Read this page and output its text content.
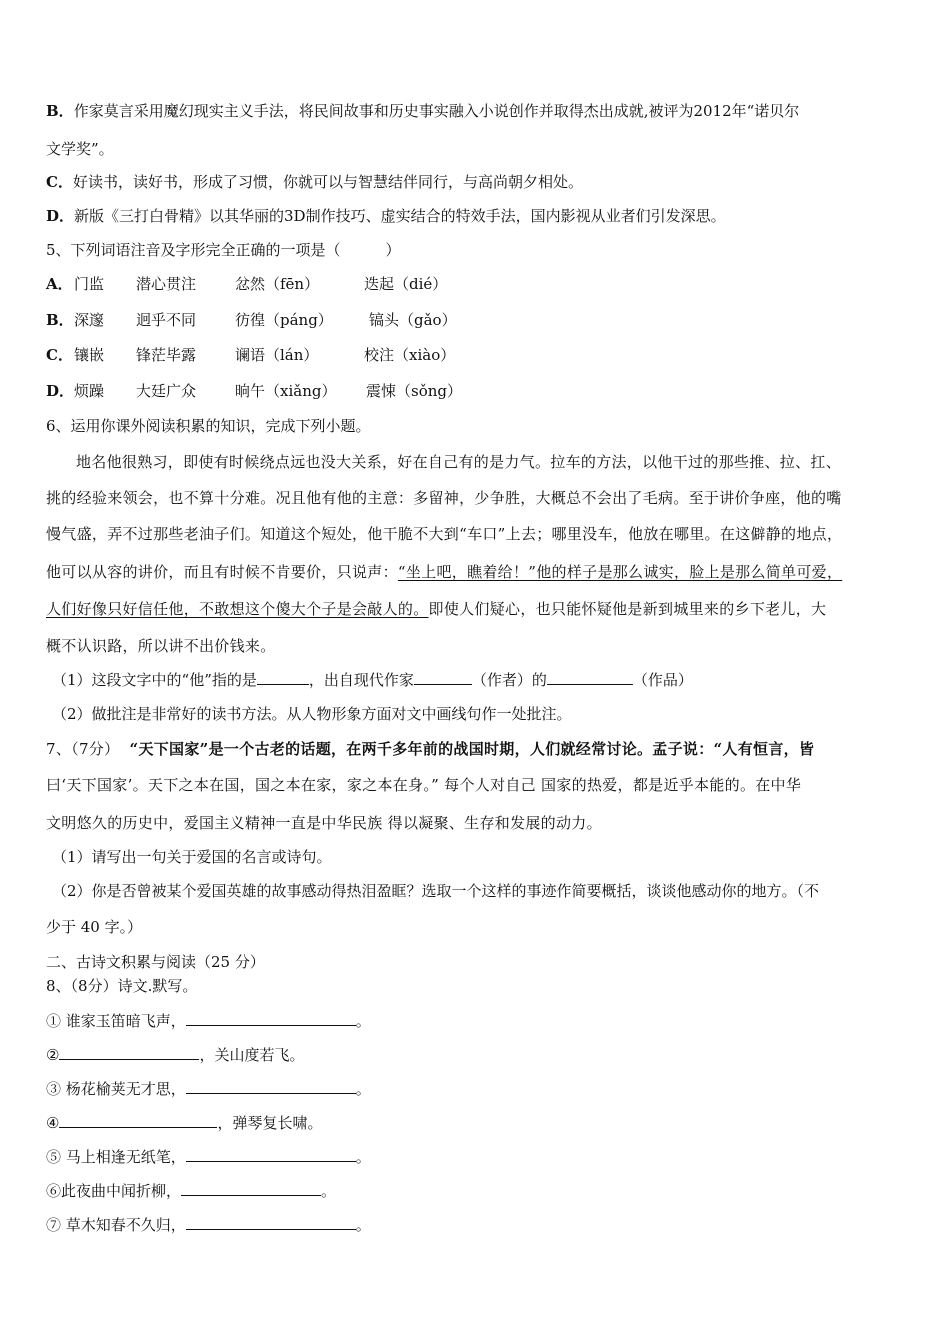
B．作家莫言采用魔幻现实主义手法，将民间故事和历史事实融入小说创作并取得杰出成就,被评为2012年“诺贝尔
文学奖”。
C．好读书，读好书，形成了习惯，你就可以与智慧结伴同行，与高尚朝夕相处。
D．新版《三打白骨精》以其华丽的3D制作技巧、虚实结合的特效手法，国内影视从业者们引发深思。
5、下列词语注音及字形完全正确的一项是（　　　）
A． 门监 潜心贯注	忿然（fēn）	迭起（dié）
B． 深邃 迥乎不同	彷徨（páng） 镐头（gǎo）
C． 镶嵌 锋茫毕露	谰语（lán）	校注（xiào）
D． 烦躁 大廷广众	晌午（xiǎng） 震悚（sǒng）
6、运用你课外阅读积累的知识，完成下列小题。
地名他很熟习，即使有时候绕点远也没大关系，好在自己有的是力气。拉车的方法，以他干过的那些推、拉、扛、
挑的经验来领会，也不算十分难。况且他有他的主意：多留神，少争胜，大概总不会出了毛病。至于讲价争座，他的嘴
慢气盛，弄不过那些老油子们。知道这个短处，他干脆不大到“车口”上去；哪里没车，他放在哪里。在这僻静的地点，
他可以从容的讲价，而且有时候不肯要价，只说声：“坐上吧，瞧着给！”他的样子是那么诚实，脸上是那么简单可爱，
人们好像只好信任他，不敢想这个傻大个子是会敲人的。即使人们疑心，也只能怀疑他是新到城里来的乡下老儿，大
概不认识路，所以讲不出价钱来。
（1）这段文字中的“他”指的是	，出自现代作家	（作者）的	（作品）
（2）做批注是非常好的读书方法。从人物形象方面对文中画线句作一处批注。
7、（7分） “天下国家”是一个古老的话题，在两千多年前的战国时期，人们就经常讨论。孟子说：“人有恒言，皆
曰‘天下国家’。天下之本在国，国之本在家，家之本在身。” 每个人对自己 国家的热爱，都是近乎本能的。在中华
文明悠久的历史中，爱国主义精神一直是中华民族 得以凝聚、生存和发展的动力。
（1）请写出一句关于爱国的名言或诗句。
（2）你是否曾被某个爱国英雄的故事感动得热泪盈眶？选取一个这样的事迹作简要概括，谈谈他感动你的地方。（不
少于 40 字。）
二、古诗文积累与阅读（25 分）
8、（8分）诗文.默写。
① 谁家玉笛暗飞声，	。
②	，关山度若飞。
③ 杨花榆荚无才思，	。
④	，弹琴复长啸。
⑤ 马上相逢无纸笔，	。
⑥此夜曲中闻折柳，	。
⑦ 草木知春不久归，	。
